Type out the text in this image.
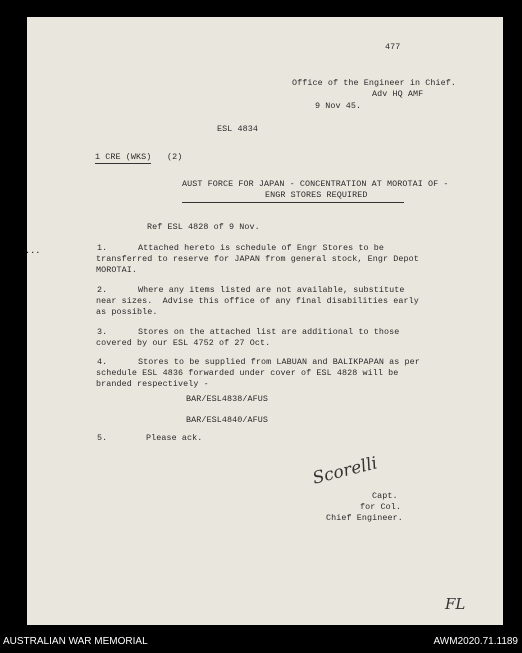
477
Office of the Engineer in Chief.
Adv HQ AMF
9 Nov 45.
ESL 4834
1 CRE (WKS) (2)
AUST FORCE FOR JAPAN - CONCENTRATION AT MOROTAI OF -
ENGR STORES REQUIRED
Ref ESL 4828 of 9 Nov.
...	1.	Attached hereto is schedule of Engr Stores to be
transferred to reserve for JAPAN from general stock, Engr Depot
MOROTAI.
2.	Where any items listed are not available, substitute
near sizes.  Advise this office of any final disabilities early
as possible.
3.	Stores on the attached list are additional to those
covered by our ESL 4752 of 27 Oct.
4.	Stores to be supplied from LABUAN and BALIKPAPAN as per
schedule ESL 4836 forwarded under cover of ESL 4828 will be
branded respectively -
BAR/ESL4838/AFUS
BAR/ESL4840/AFUS
5.	Please ack.
Scorelli
Capt.
for Col.
Chief Engineer.
FL
AUSTRALIAN WAR MEMORIAL	AWM2020.71.1189
